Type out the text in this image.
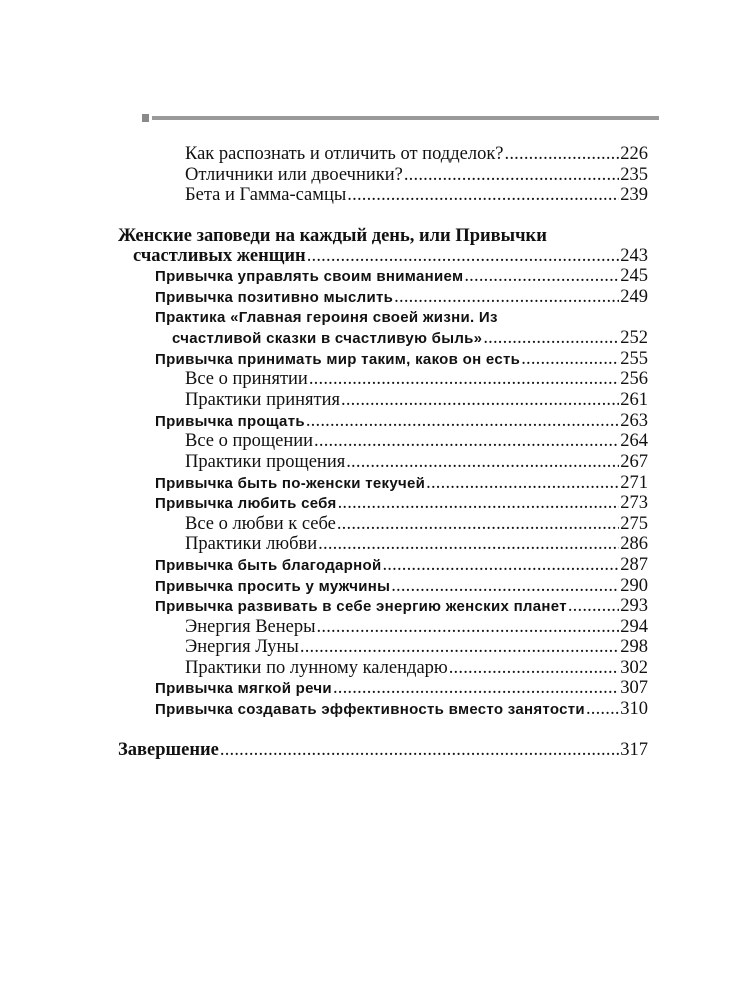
Как распознать и отличить от подделок? .....	226
Отличники или двоечники? .....	235
Бета и Гамма-самцы .....	239
Женские заповеди на каждый день, или Привычки
счастливых женщин .....	243
Привычка управлять своим вниманием .....	245
Привычка позитивно мыслить .....	249
Практика «Главная героиня своей жизни. Из
счастливой сказки в счастливую быль» .....	252
Привычка принимать мир таким, каков он есть .....	255
Все о принятии .....	256
Практики принятия .....	261
Привычка прощать .....	263
Все о прощении .....	264
Практики прощения .....	267
Привычка быть по-женски текучей .....	271
Привычка любить себя .....	273
Все о любви к себе .....	275
Практики любви .....	286
Привычка быть благодарной .....	287
Привычка просить у мужчины .....	290
Привычка развивать в себе энергию женских планет .....	293
Энергия Венеры .....	294
Энергия Луны .....	298
Практики по лунному календарю .....	302
Привычка мягкой речи .....	307
Привычка создавать эффективность вместо занятости ..... 310
Завершение .....	317
